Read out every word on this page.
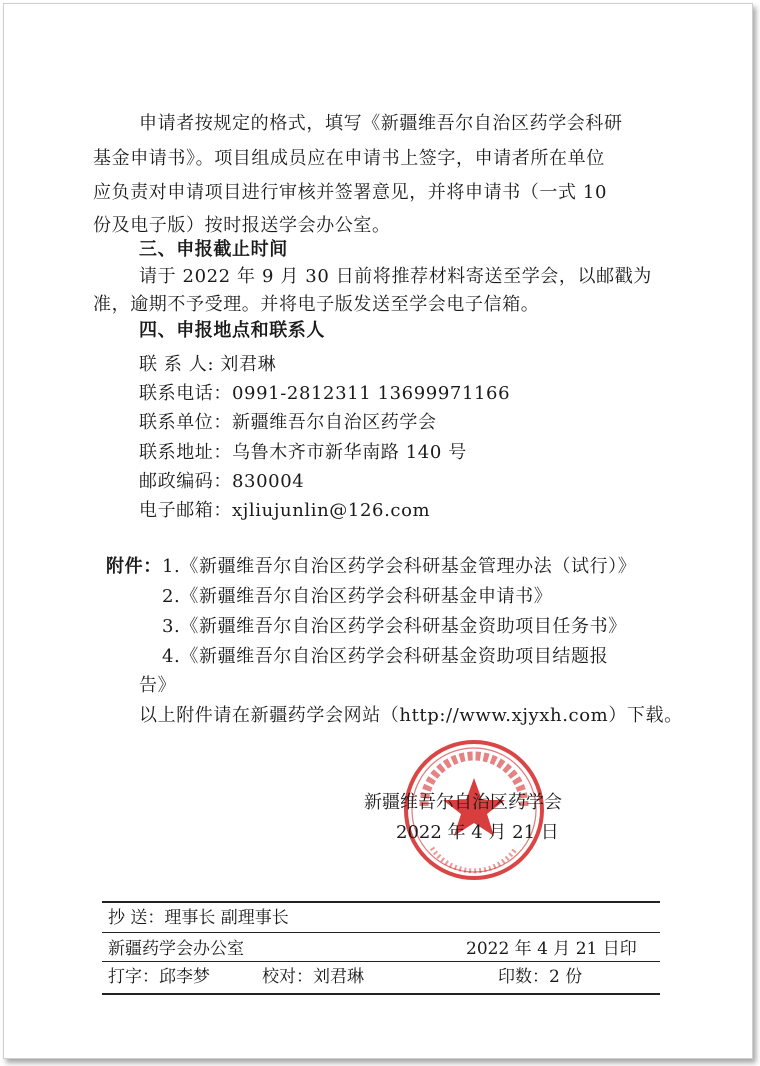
申请者按规定的格式，填写《新疆维吾尔自治区药学会科研
基金申请书》。项目组成员应在申请书上签字，申请者所在单位
应负责对申请项目进行审核并签署意见，并将申请书（一式 10
份及电子版）按时报送学会办公室。
三、申报截止时间
请于 2022 年 9 月 30 日前将推荐材料寄送至学会，以邮戳为
准，逾期不予受理。并将电子版发送至学会电子信箱。
四、申报地点和联系人
联 系 人: 刘君琳
联系电话：0991-2812311 13699971166
联系单位：新疆维吾尔自治区药学会
联系地址：乌鲁木齐市新华南路 140 号
邮政编码：830004
电子邮箱：xjliujunlin@126.com
附件： 1.《新疆维吾尔自治区药学会科研基金管理办法（试行）》
2.《新疆维吾尔自治区药学会科研基金申请书》
3.《新疆维吾尔自治区药学会科研基金资助项目任务书》
4.《新疆维吾尔自治区药学会科研基金资助项目结题报
告》
以上附件请在新疆药学会网站（http://www.xjyxh.com）下载。
新疆维吾尔自治区药学会
2022 年 4 月 21 日
抄 送：理事长 副理事长
新疆药学会办公室	2022 年 4 月 21 日印
打字：邱李梦	校对：刘君琳	印数：2 份
